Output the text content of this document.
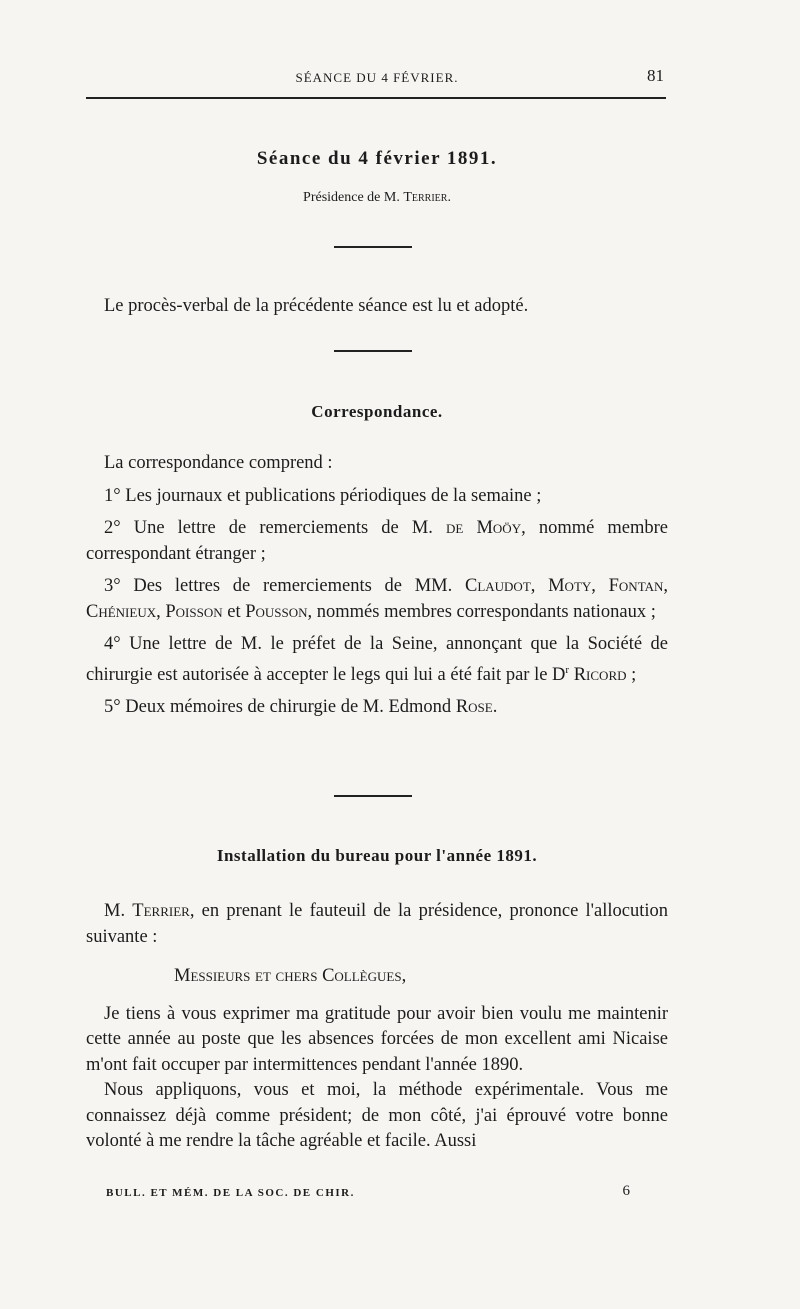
SÉANCE DU 4 FÉVRIER.	81
Séance du 4 février 1891.
Présidence de M. Terrier.

Le procès-verbal de la précédente séance est lu et adopté.

Correspondance.

La correspondance comprend :

1° Les journaux et publications périodiques de la semaine ;

2° Une lettre de remerciements de M. de Moöy, nommé membre correspondant étranger ;

3° Des lettres de remerciements de MM. Claudot, Moty, Fontan, Chénieux, Poisson et Pousson, nommés membres correspondants nationaux ;

4° Une lettre de M. le préfet de la Seine, annonçant que la Société de chirurgie est autorisée à accepter le legs qui lui a été fait par le $D^r$ Ricord ;

5° Deux mémoires de chirurgie de M. Edmond Rose.

Installation du bureau pour l'année 1891.

M. Terrier, en prenant le fauteuil de la présidence, prononce l'allocution suivante :

Messieurs et chers Collègues,

Je tiens à vous exprimer ma gratitude pour avoir bien voulu me maintenir cette année au poste que les absences forcées de mon excellent ami Nicaise m'ont fait occuper par intermittences pendant l'année 1890.

Nous appliquons, vous et moi, la méthode expérimentale. Vous me connaissez déjà comme président; de mon côté, j'ai éprouvé votre bonne volonté à me rendre la tâche agréable et facile. Aussi

BULL. ET MÉM. DE LA SOC. DE CHIR.	6
